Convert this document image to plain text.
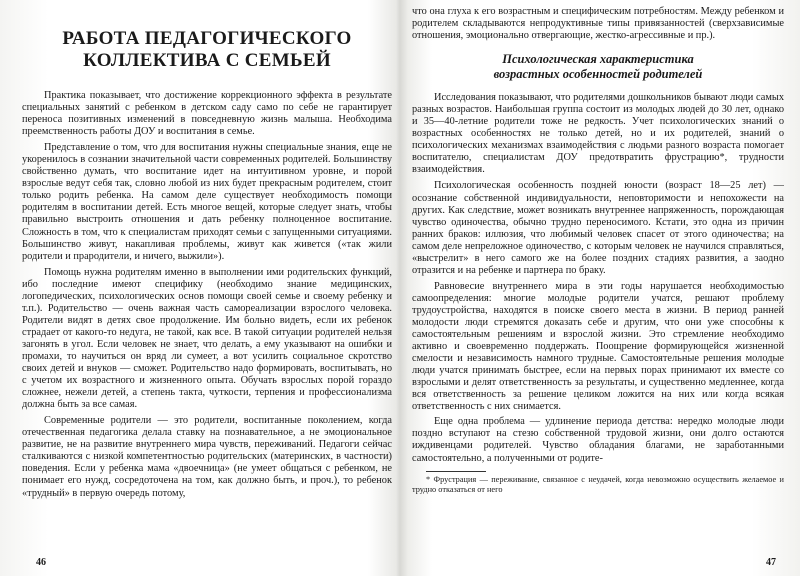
РАБОТА ПЕДАГОГИЧЕСКОГО
КОЛЛЕКТИВА С СЕМЬЕЙ

Практика показывает, что достижение коррекционного эффекта в результате специальных занятий с ребенком в детском саду само по себе не гарантирует переноса позитивных изменений в повседневную жизнь малыша. Необходима преемственность работы ДОУ и воспитания в семье.

Представление о том, что для воспитания нужны специальные знания, еще не укоренилось в сознании значительной части современных родителей. Большинству свойственно думать, что воспитание идет на интуитивном уровне, и порой взрослые ведут себя так, словно любой из них будет прекрасным родителем, стоит только родить ребенка. На самом деле существует необходимость помощи родителям в воспитании детей. Есть многое вещей, которые следует знать, чтобы правильно выстроить отношения и дать ребенку полноценное воспитание. Сложность в том, что к специалистам приходят семьи с запущенными ситуациями. Большинство живут, накапливая проблемы, живут как живется («так жили родители и прародители, и ничего, выжили»).

Помощь нужна родителям именно в выполнении ими родительских функций, ибо последние имеют специфику (необходимо знание медицинских, логопедических, психологических основ помощи своей семье и своему ребенку и т.п.). Родительство — очень важная часть самореализации взрослого человека. Родители видят в детях свое продолжение. Им больно видеть, если их ребенок страдает от какого-то недуга, не такой, как все. В такой ситуации родителей нельзя загонять в угол. Если человек не знает, что делать, а ему указывают на ошибки и промахи, то научиться он вряд ли сумеет, а вот усилить социальное скротство своих детей и внуков — сможет. Родительство надо формировать, воспитывать, но с учетом их возрастного и жизненного опыта. Обучать взрослых порой гораздо сложнее, нежели детей, а степень такта, чуткости, терпения и профессионализма должна быть за все самая.

Современные родители — это родители, воспитанные поколением, когда отечественная педагогика делала ставку на познавательное, а не эмоциональное развитие, не на развитие внутреннего мира чувств, переживаний. Педагоги сейчас сталкиваются с низкой компетентностью родительских (материнских, в частности) поведения. Если у ребенка мама «двоечница» (не умеет общаться с ребенком, не понимает его нужд, сосредоточена на том, как должно быть, и проч.), то ребенок «трудный» в первую очередь потому,

46

что она глуха к его возрастным и специфическим потребностям. Между ребенком и родителем складываются непродуктивные типы привязанностей (сверхзависимые отношения, эмоционально отвергающие, жестко-агрессивные и пр.).

Психологическая характеристика
возрастных особенностей родителей

Исследования показывают, что родителями дошкольников бывают люди самых разных возрастов. Наибольшая группа состоит из молодых людей до 30 лет, однако и 35—40-летние родители тоже не редкость. Учет психологических знаний о возрастных особенностях не только детей, но и их родителей, знаний о психологических механизмах взаимодействия с людьми разного возраста помогает воспитателю, специалистам ДОУ предотвратить фрустрацию*, трудности взаимодействия.

Психологическая особенность поздней юности (возраст 18—25 лет) — осознание собственной индивидуальности, неповторимости и непохожести на других. Как следствие, может возникать внутреннее напряженность, порождающая чувство одиночества, обычно трудно переносимого. Кстати, это одна из причин ранних браков: иллюзия, что любимый человек спасет от этого одиночества; на самом деле непреложное одиночество, с которым человек не научился справляться, «выстрелит» в него самого же на более поздних стадиях развития, а заодно отразится и на ребенке и партнера по браку.

Равновесие внутреннего мира в эти годы нарушается необходимостью самоопределения: многие молодые родители учатся, решают проблему трудоустройства, находятся в поиске своего места в жизни. В период ранней молодости люди стремятся доказать себе и другим, что они уже способны к самостоятельным решениям и взрослой жизни. Это стремление необходимо активно и своевременно поддержать. Поощрение формирующейся жизненной смелости и независимость намного трудные. Самостоятельные решения молодые люди учатся принимать быстрее, если на первых порах принимают их вместе со взрослыми и делят ответственность за результаты, и существенно медленнее, когда вся ответственность за решение целиком ложится на них или когда всякая ответственность с них снимается.

Еще одна проблема — удлинение периода детства: нередко молодые люди поздно вступают на стезю собственной трудовой жизни, они долго остаются иждивенцами родителей. Чувство обладания благами, не заработанными самостоятельно, а полученными от родите-

* Фрустрация — переживание, связанное с неудачей, когда невозможно осуществить желаемое и трудно отказаться от него

47
